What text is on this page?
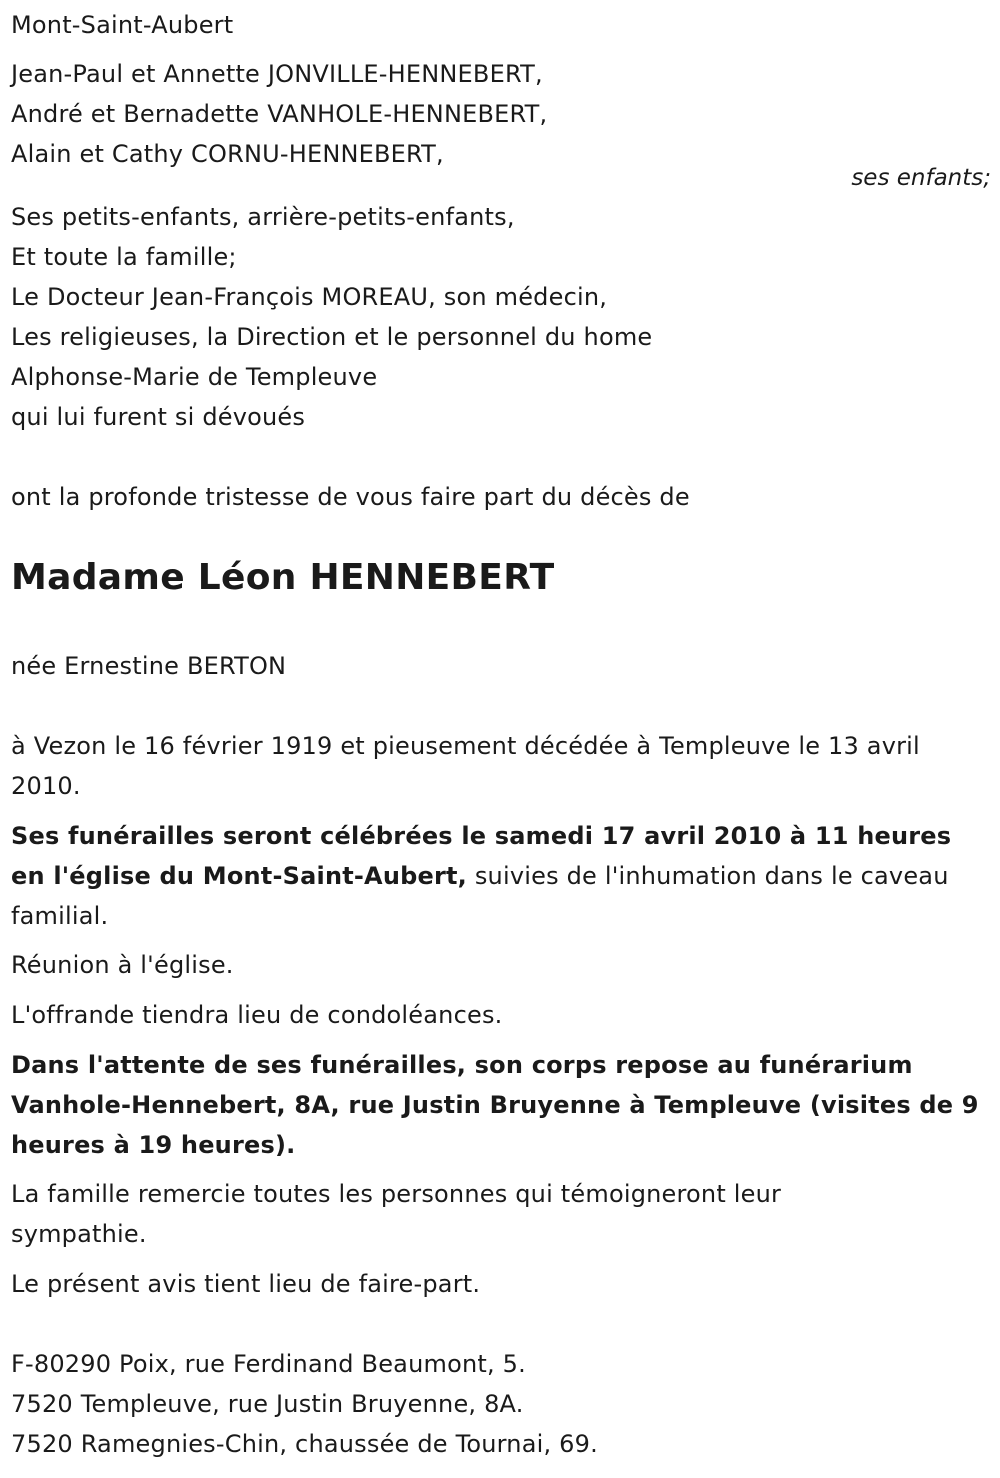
Mont-Saint-Aubert
Jean-Paul et Annette JONVILLE-HENNEBERT,
André et Bernadette VANHOLE-HENNEBERT,
Alain et Cathy CORNU-HENNEBERT,
ses enfants;
Ses petits-enfants, arrière-petits-enfants,
Et toute la famille;
Le Docteur Jean-François MOREAU, son médecin,
Les religieuses, la Direction et le personnel du home
Alphonse-Marie de Templeuve
qui lui furent si dévoués
ont la profonde tristesse de vous faire part du décès de
Madame Léon HENNEBERT
née Ernestine BERTON
à Vezon le 16 février 1919 et pieusement décédée à Templeuve le 13 avril 2010.
Ses funérailles seront célébrées le samedi 17 avril 2010 à 11 heures en l'église du Mont-Saint-Aubert, suivies de l'inhumation dans le caveau familial.
Réunion à l'église.
L'offrande tiendra lieu de condoléances.
Dans l'attente de ses funérailles, son corps repose au funérarium Vanhole-Hennebert, 8A, rue Justin Bruyenne à Templeuve (visites de 9 heures à 19 heures).
La famille remercie toutes les personnes qui témoigneront leur sympathie.
Le présent avis tient lieu de faire-part.
F-80290 Poix, rue Ferdinand Beaumont, 5.
7520 Templeuve, rue Justin Bruyenne, 8A.
7520 Ramegnies-Chin, chaussée de Tournai, 69.
